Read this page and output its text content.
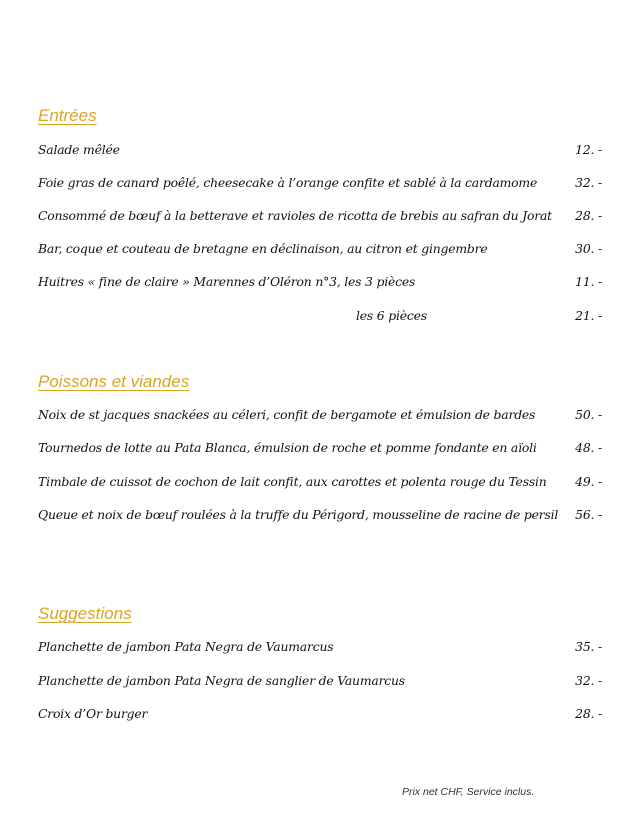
Entrées
Salade mêlée	12. -
Foie gras de canard poêlé, cheesecake à l’orange confite et sablé à la cardamome	32. -
Consommé de bœuf à la betterave et ravioles de ricotta de brebis au safran du Jorat 28. -
Bar, coque et couteau de bretagne en déclinaison, au citron et gingembre	30. -
Huitres « fine de claire » Marennes d’Oléron n°3, les 3 pièces	11. -
les 6 pièces	21. -
Poissons et viandes
Noix de st jacques snackées au céleri, confit de bergamote et émulsion de bardes	50. -
Tournedos de lotte au Pata Blanca, émulsion de roche et pomme fondante en aïoli	48. -
Timbale de cuissot de cochon de lait confit, aux carottes et polenta rouge du Tessin 49. -
Queue et noix de bœuf roulées à la truffe du Périgord, mousseline de racine de persil 56. -
Suggestions
Planchette de jambon Pata Negra de Vaumarcus	35. -
Planchette de jambon Pata Negra de sanglier de Vaumarcus	32. -
Croix d’Or burger	28. -
Prix net CHF, Service inclus.
